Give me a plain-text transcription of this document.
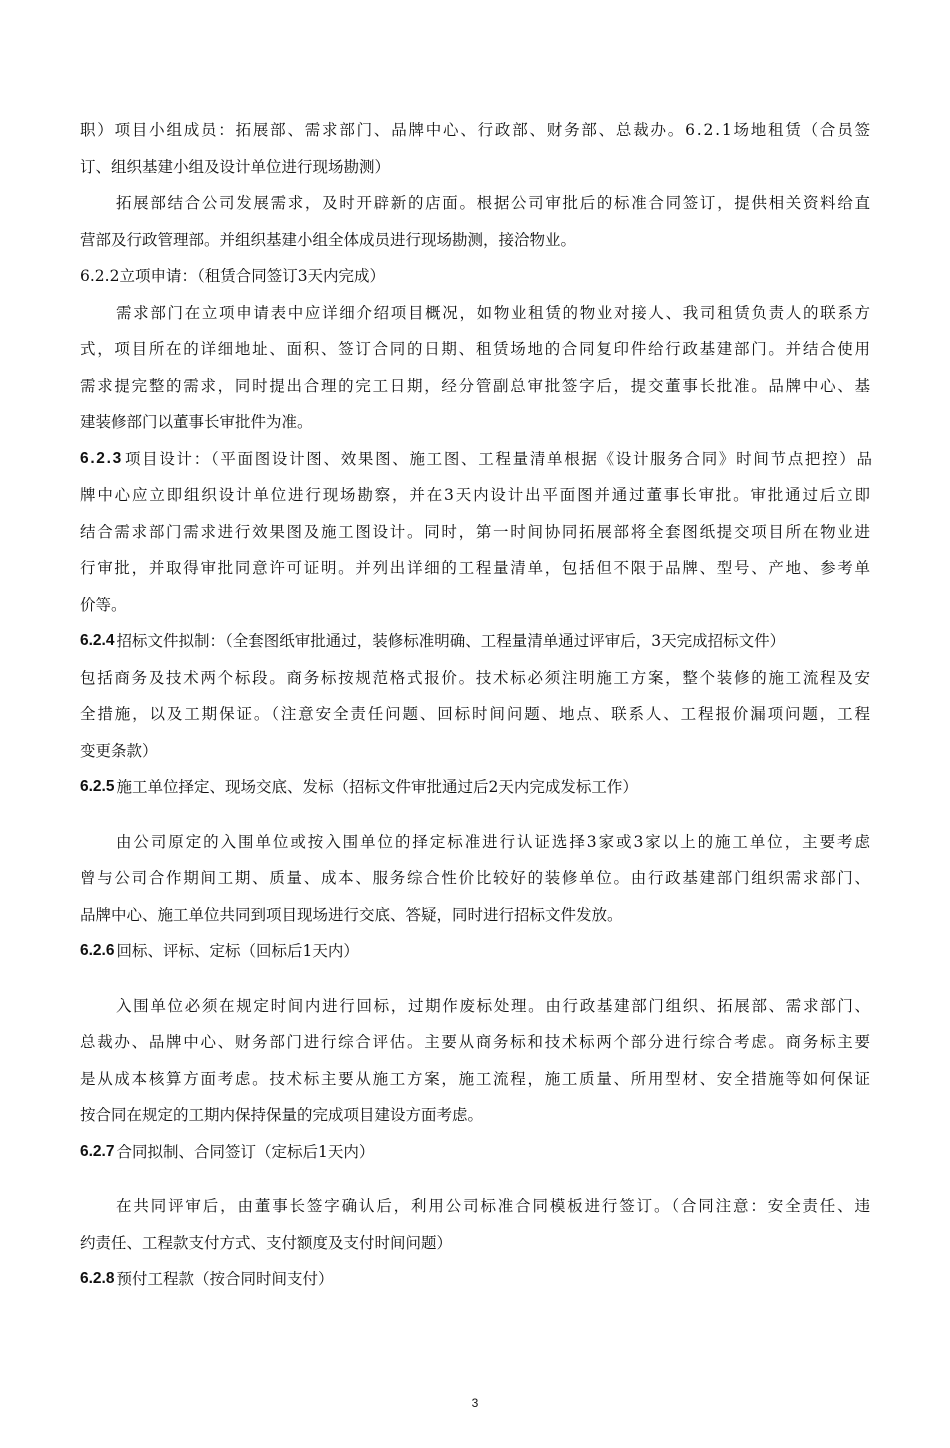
职）项目小组成员：拓展部、需求部门、品牌中心、行政部、财务部、总裁办。6.2.1场地租赁（合员签
订、组织基建小组及设计单位进行现场勘测）
拓展部结合公司发展需求，及时开辟新的店面。根据公司审批后的标准合同签订，提供相关资料给直
营部及行政管理部。并组织基建小组全体成员进行现场勘测，接洽物业。
6.2.2立项申请：（租赁合同签订3天内完成）
需求部门在立项申请表中应详细介绍项目概况，如物业租赁的物业对接人、我司租赁负责人的联系方
式，项目所在的详细地址、面积、签订合同的日期、租赁场地的合同复印件给行政基建部门。并结合使用
需求提完整的需求，同时提出合理的完工日期，经分管副总审批签字后，提交董事长批准。品牌中心、基
建装修部门以董事长审批件为准。
6.2.3 项目设计：（平面图设计图、效果图、施工图、工程量清单根据《设计服务合同》时间节点把控）品
牌中心应立即组织设计单位进行现场勘察，并在3天内设计出平面图并通过董事长审批。审批通过后立即
结合需求部门需求进行效果图及施工图设计。同时，第一时间协同拓展部将全套图纸提交项目所在物业进
行审批，并取得审批同意许可证明。并列出详细的工程量清单，包括但不限于品牌、型号、产地、参考单
价等。
6.2.4 招标文件拟制：（全套图纸审批通过，装修标准明确、工程量清单通过评审后，3天完成招标文件）
包括商务及技术两个标段。商务标按规范格式报价。技术标必须注明施工方案，整个装修的施工流程及安
全措施，以及工期保证。（注意安全责任问题、回标时间问题、地点、联系人、工程报价漏项问题，工程
变更条款）
6.2.5 施工单位择定、现场交底、发标（招标文件审批通过后2天内完成发标工作）
由公司原定的入围单位或按入围单位的择定标准进行认证选择3家或3家以上的施工单位，主要考虑
曾与公司合作期间工期、质量、成本、服务综合性价比较好的装修单位。由行政基建部门组织需求部门、
品牌中心、施工单位共同到项目现场进行交底、答疑，同时进行招标文件发放。
6.2.6 回标、评标、定标（回标后1天内）
入围单位必须在规定时间内进行回标，过期作废标处理。由行政基建部门组织、拓展部、需求部门、
总裁办、品牌中心、财务部门进行综合评估。主要从商务标和技术标两个部分进行综合考虑。商务标主要
是从成本核算方面考虑。技术标主要从施工方案，施工流程，施工质量、所用型材、安全措施等如何保证
按合同在规定的工期内保持保量的完成项目建设方面考虑。
6.2.7 合同拟制、合同签订（定标后1天内）
在共同评审后，由董事长签字确认后，利用公司标准合同模板进行签订。（合同注意：安全责任、违
约责任、工程款支付方式、支付额度及支付时间问题）
6.2.8 预付工程款（按合同时间支付）
3
